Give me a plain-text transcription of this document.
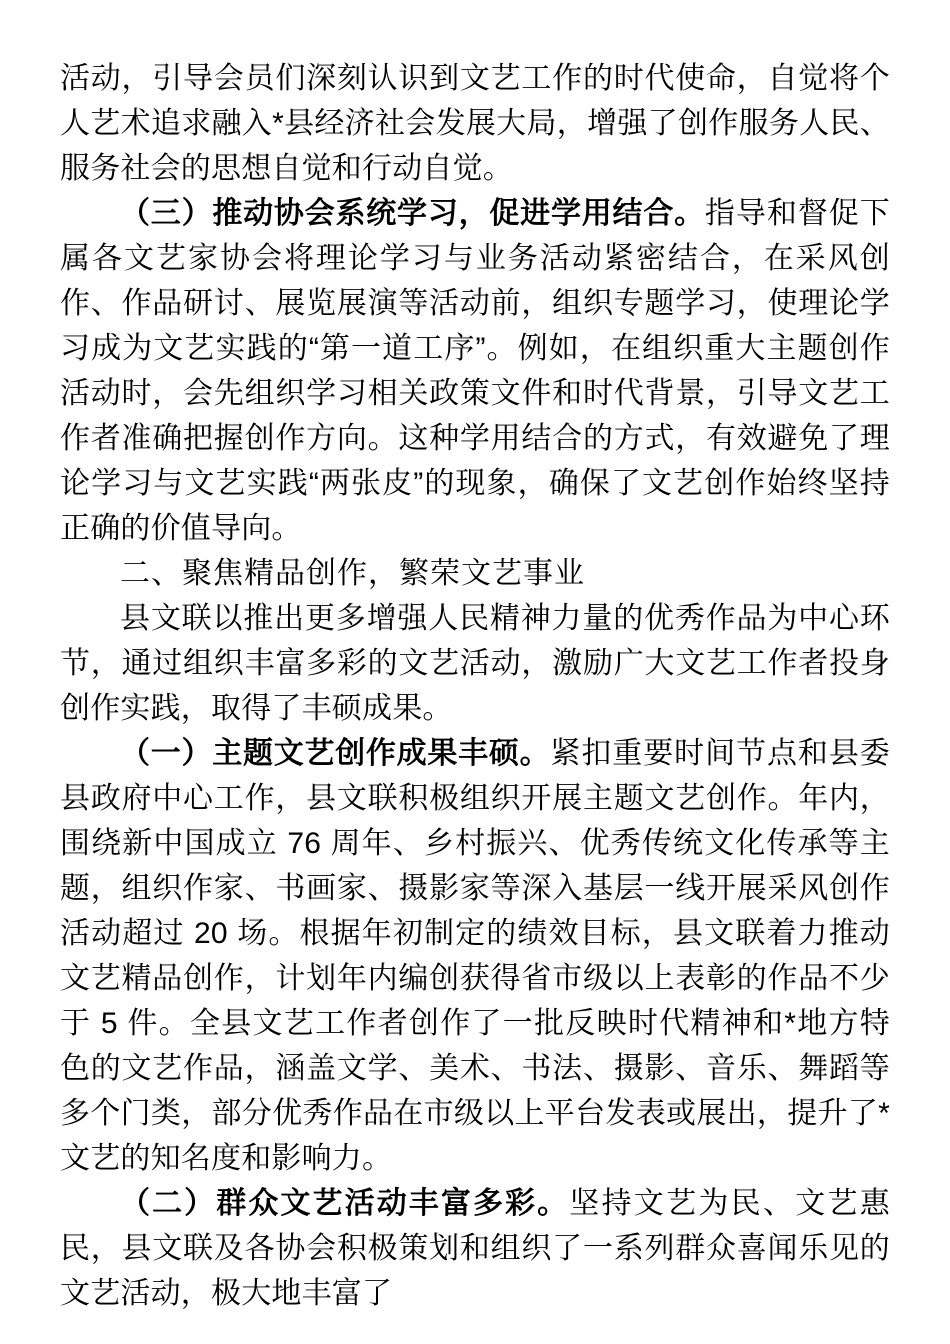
活动，引导会员们深刻认识到文艺工作的时代使命，自觉将个人艺术追求融入*县经济社会发展大局，增强了创作服务人民、服务社会的思想自觉和行动自觉。

（三）推动协会系统学习，促进学用结合。指导和督促下属各文艺家协会将理论学习与业务活动紧密结合，在采风创作、作品研讨、展览展演等活动前，组织专题学习，使理论学习成为文艺实践的“第一道工序”。例如，在组织重大主题创作活动时，会先组织学习相关政策文件和时代背景，引导文艺工作者准确把握创作方向。这种学用结合的方式，有效避免了理论学习与文艺实践“两张皮”的现象，确保了文艺创作始终坚持正确的价值导向。

二、聚焦精品创作，繁荣文艺事业

县文联以推出更多增强人民精神力量的优秀作品为中心环节，通过组织丰富多彩的文艺活动，激励广大文艺工作者投身创作实践，取得了丰硕成果。

（一）主题文艺创作成果丰硕。紧扣重要时间节点和县委县政府中心工作，县文联积极组织开展主题文艺创作。年内，围绕新中国成立 76 周年、乡村振兴、优秀传统文化传承等主题，组织作家、书画家、摄影家等深入基层一线开展采风创作活动超过 20 场。根据年初制定的绩效目标，县文联着力推动文艺精品创作，计划年内编创获得省市级以上表彰的作品不少于 5 件。全县文艺工作者创作了一批反映时代精神和*地方特色的文艺作品，涵盖文学、美术、书法、摄影、音乐、舞蹈等多个门类，部分优秀作品在市级以上平台发表或展出，提升了*文艺的知名度和影响力。

（二）群众文艺活动丰富多彩。坚持文艺为民、文艺惠民，县文联及各协会积极策划和组织了一系列群众喜闻乐见的文艺活动，极大地丰富了
